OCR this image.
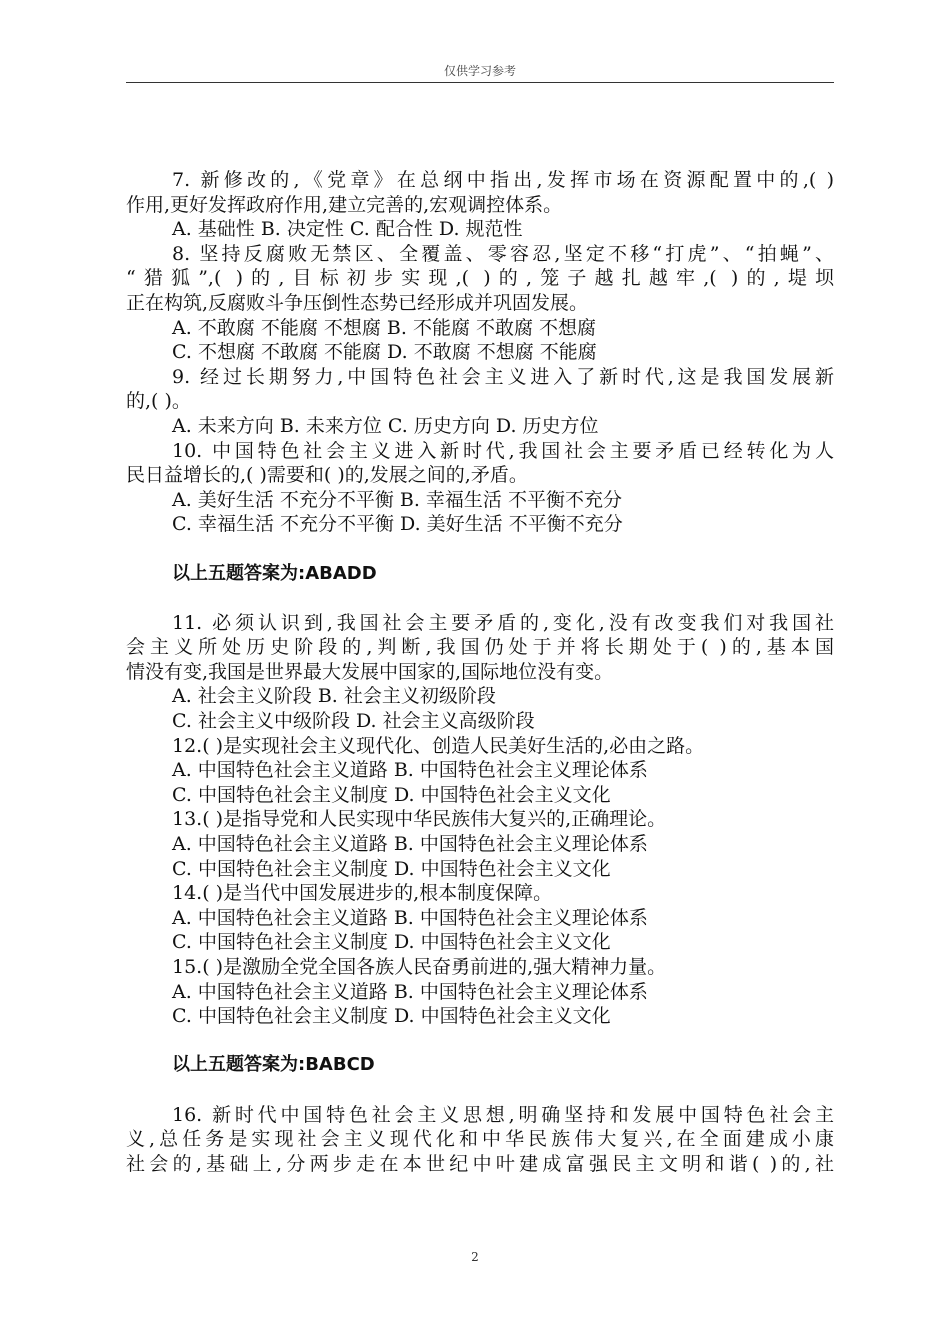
仅供学习参考
7. 新修改的,《党章》在总纲中指出,发挥市场在资源配置中的,( )
作用,更好发挥政府作用,建立完善的,宏观调控体系。
A. 基础性 B. 决定性 C. 配合性 D. 规范性
8. 坚持反腐败无禁区、全覆盖、零容忍,坚定不移“打虎”、“拍蝇”、
“猎狐”,( )的,目标初步实现,( )的,笼子越扎越牢,( )的,堤坝
正在构筑,反腐败斗争压倒性态势已经形成并巩固发展。
A. 不敢腐 不能腐 不想腐 B. 不能腐 不敢腐 不想腐
C. 不想腐 不敢腐 不能腐 D. 不敢腐 不想腐 不能腐
9. 经过长期努力,中国特色社会主义进入了新时代,这是我国发展新
的,( )。
A. 未来方向 B. 未来方位 C. 历史方向 D. 历史方位
10. 中国特色社会主义进入新时代,我国社会主要矛盾已经转化为人
民日益增长的,( )需要和( )的,发展之间的,矛盾。
A. 美好生活 不充分不平衡 B. 幸福生活 不平衡不充分
C. 幸福生活 不充分不平衡 D. 美好生活 不平衡不充分
以上五题答案为:ABADD
11. 必须认识到,我国社会主要矛盾的,变化,没有改变我们对我国社
会主义所处历史阶段的,判断,我国仍处于并将长期处于( )的,基本国
情没有变,我国是世界最大发展中国家的,国际地位没有变。
A. 社会主义阶段 B. 社会主义初级阶段
C. 社会主义中级阶段 D. 社会主义高级阶段
12.( )是实现社会主义现代化、创造人民美好生活的,必由之路。
A. 中国特色社会主义道路 B. 中国特色社会主义理论体系
C. 中国特色社会主义制度 D. 中国特色社会主义文化
13.( )是指导党和人民实现中华民族伟大复兴的,正确理论。
A. 中国特色社会主义道路 B. 中国特色社会主义理论体系
C. 中国特色社会主义制度 D. 中国特色社会主义文化
14.( )是当代中国发展进步的,根本制度保障。
A. 中国特色社会主义道路 B. 中国特色社会主义理论体系
C. 中国特色社会主义制度 D. 中国特色社会主义文化
15.( )是激励全党全国各族人民奋勇前进的,强大精神力量。
A. 中国特色社会主义道路 B. 中国特色社会主义理论体系
C. 中国特色社会主义制度 D. 中国特色社会主义文化
以上五题答案为:BABCD
16. 新时代中国特色社会主义思想,明确坚持和发展中国特色社会主
义,总任务是实现社会主义现代化和中华民族伟大复兴,在全面建成小康
社会的,基础上,分两步走在本世纪中叶建成富强民主文明和谐( )的,社
2
